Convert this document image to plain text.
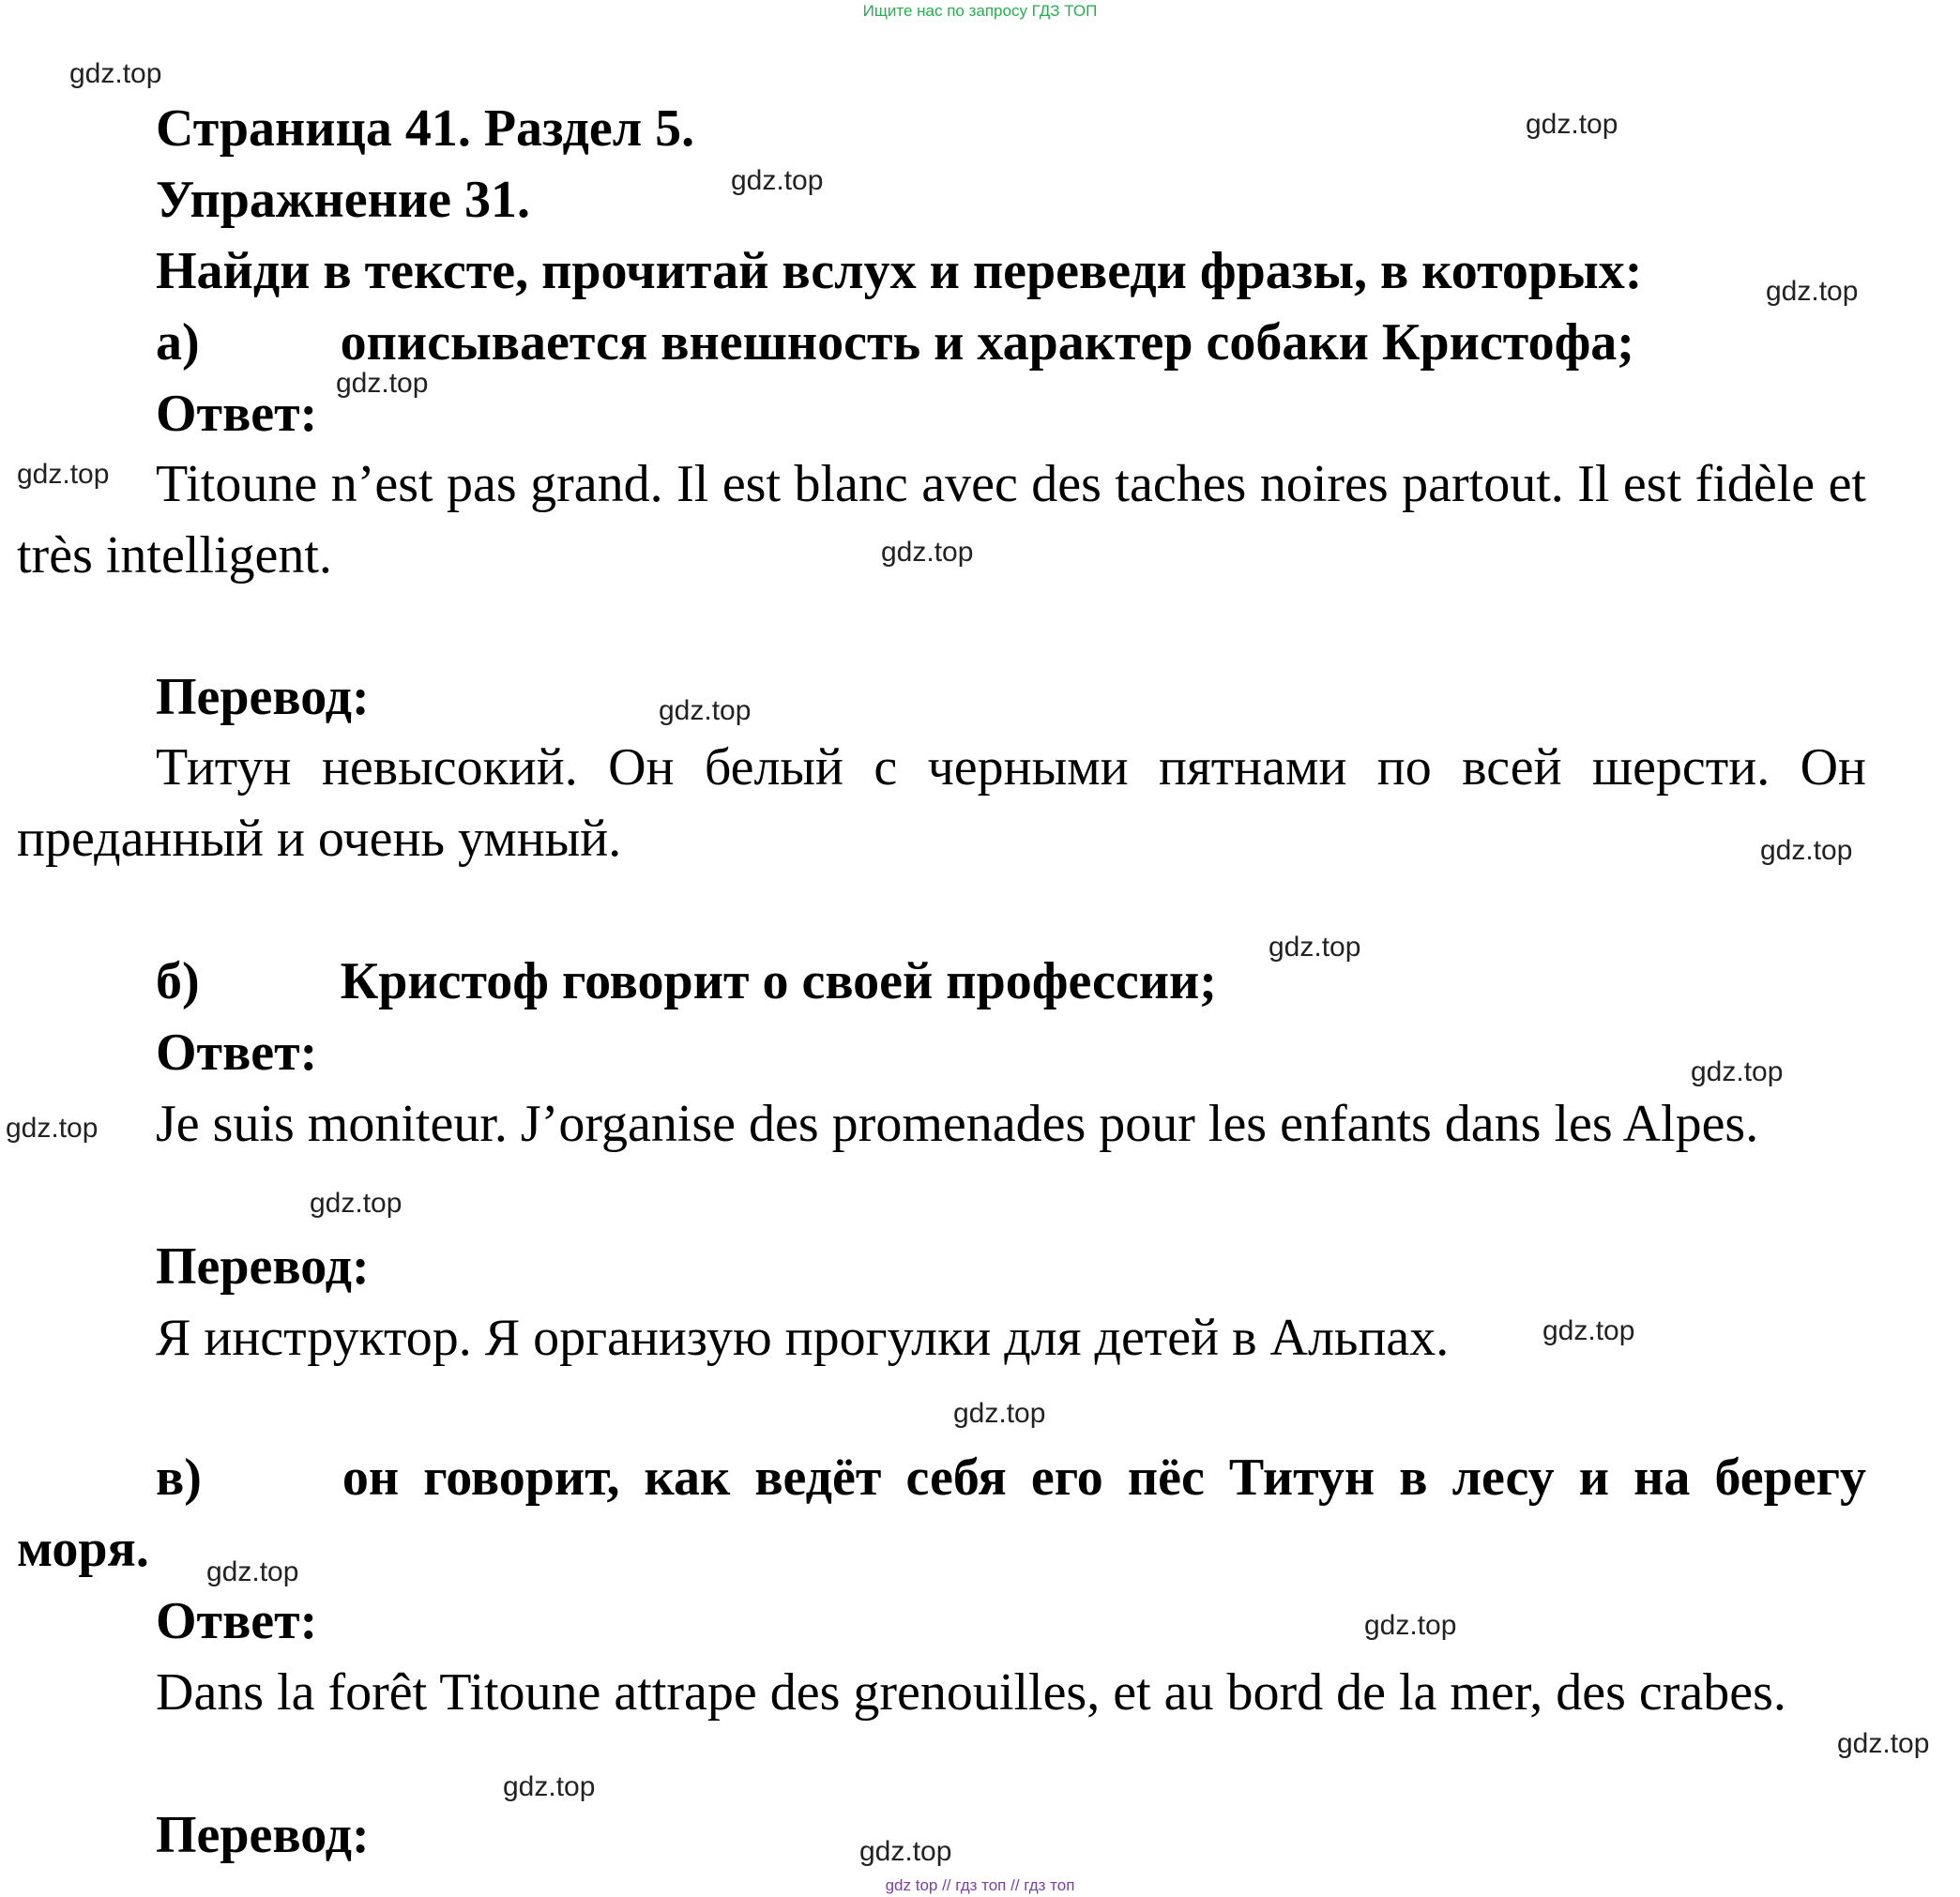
Ищите нас по запросу ГДЗ ТОП
gdz.top
gdz.top
gdz.top
gdz.top
gdz.top
gdz.top
gdz.top
gdz.top
gdz.top
gdz.top
gdz.top
gdz.top
gdz.top
gdz.top
gdz.top
gdz.top
gdz.top
gdz.top
gdz.top
gdz.top
Страница 41. Раздел 5.
Упражнение 31.
Найди в тексте, прочитай вслух и переведи фразы, в которых:
а)	описывается внешность и характер собаки Кристофа;
Ответ:
Titoune n’est pas grand. Il est blanc avec des taches noires partout. Il est fidèle et très intelligent.
Перевод:
Титун невысокий. Он белый с черными пятнами по всей шерсти. Он преданный и очень умный.
б)	Кристоф говорит о своей профессии;
Ответ:
Je suis moniteur. J’organise des promenades pour les enfants dans les Alpes.
Перевод:
Я инструктор. Я организую прогулки для детей в Альпах.
в)	он говорит, как ведёт себя его пёс Титун в лесу и на берегу моря.
Ответ:
Dans la forêt Titoune attrape des grenouilles, et au bord de la mer, des crabes.
Перевод:
gdz top // гдз топ // гдз топ
